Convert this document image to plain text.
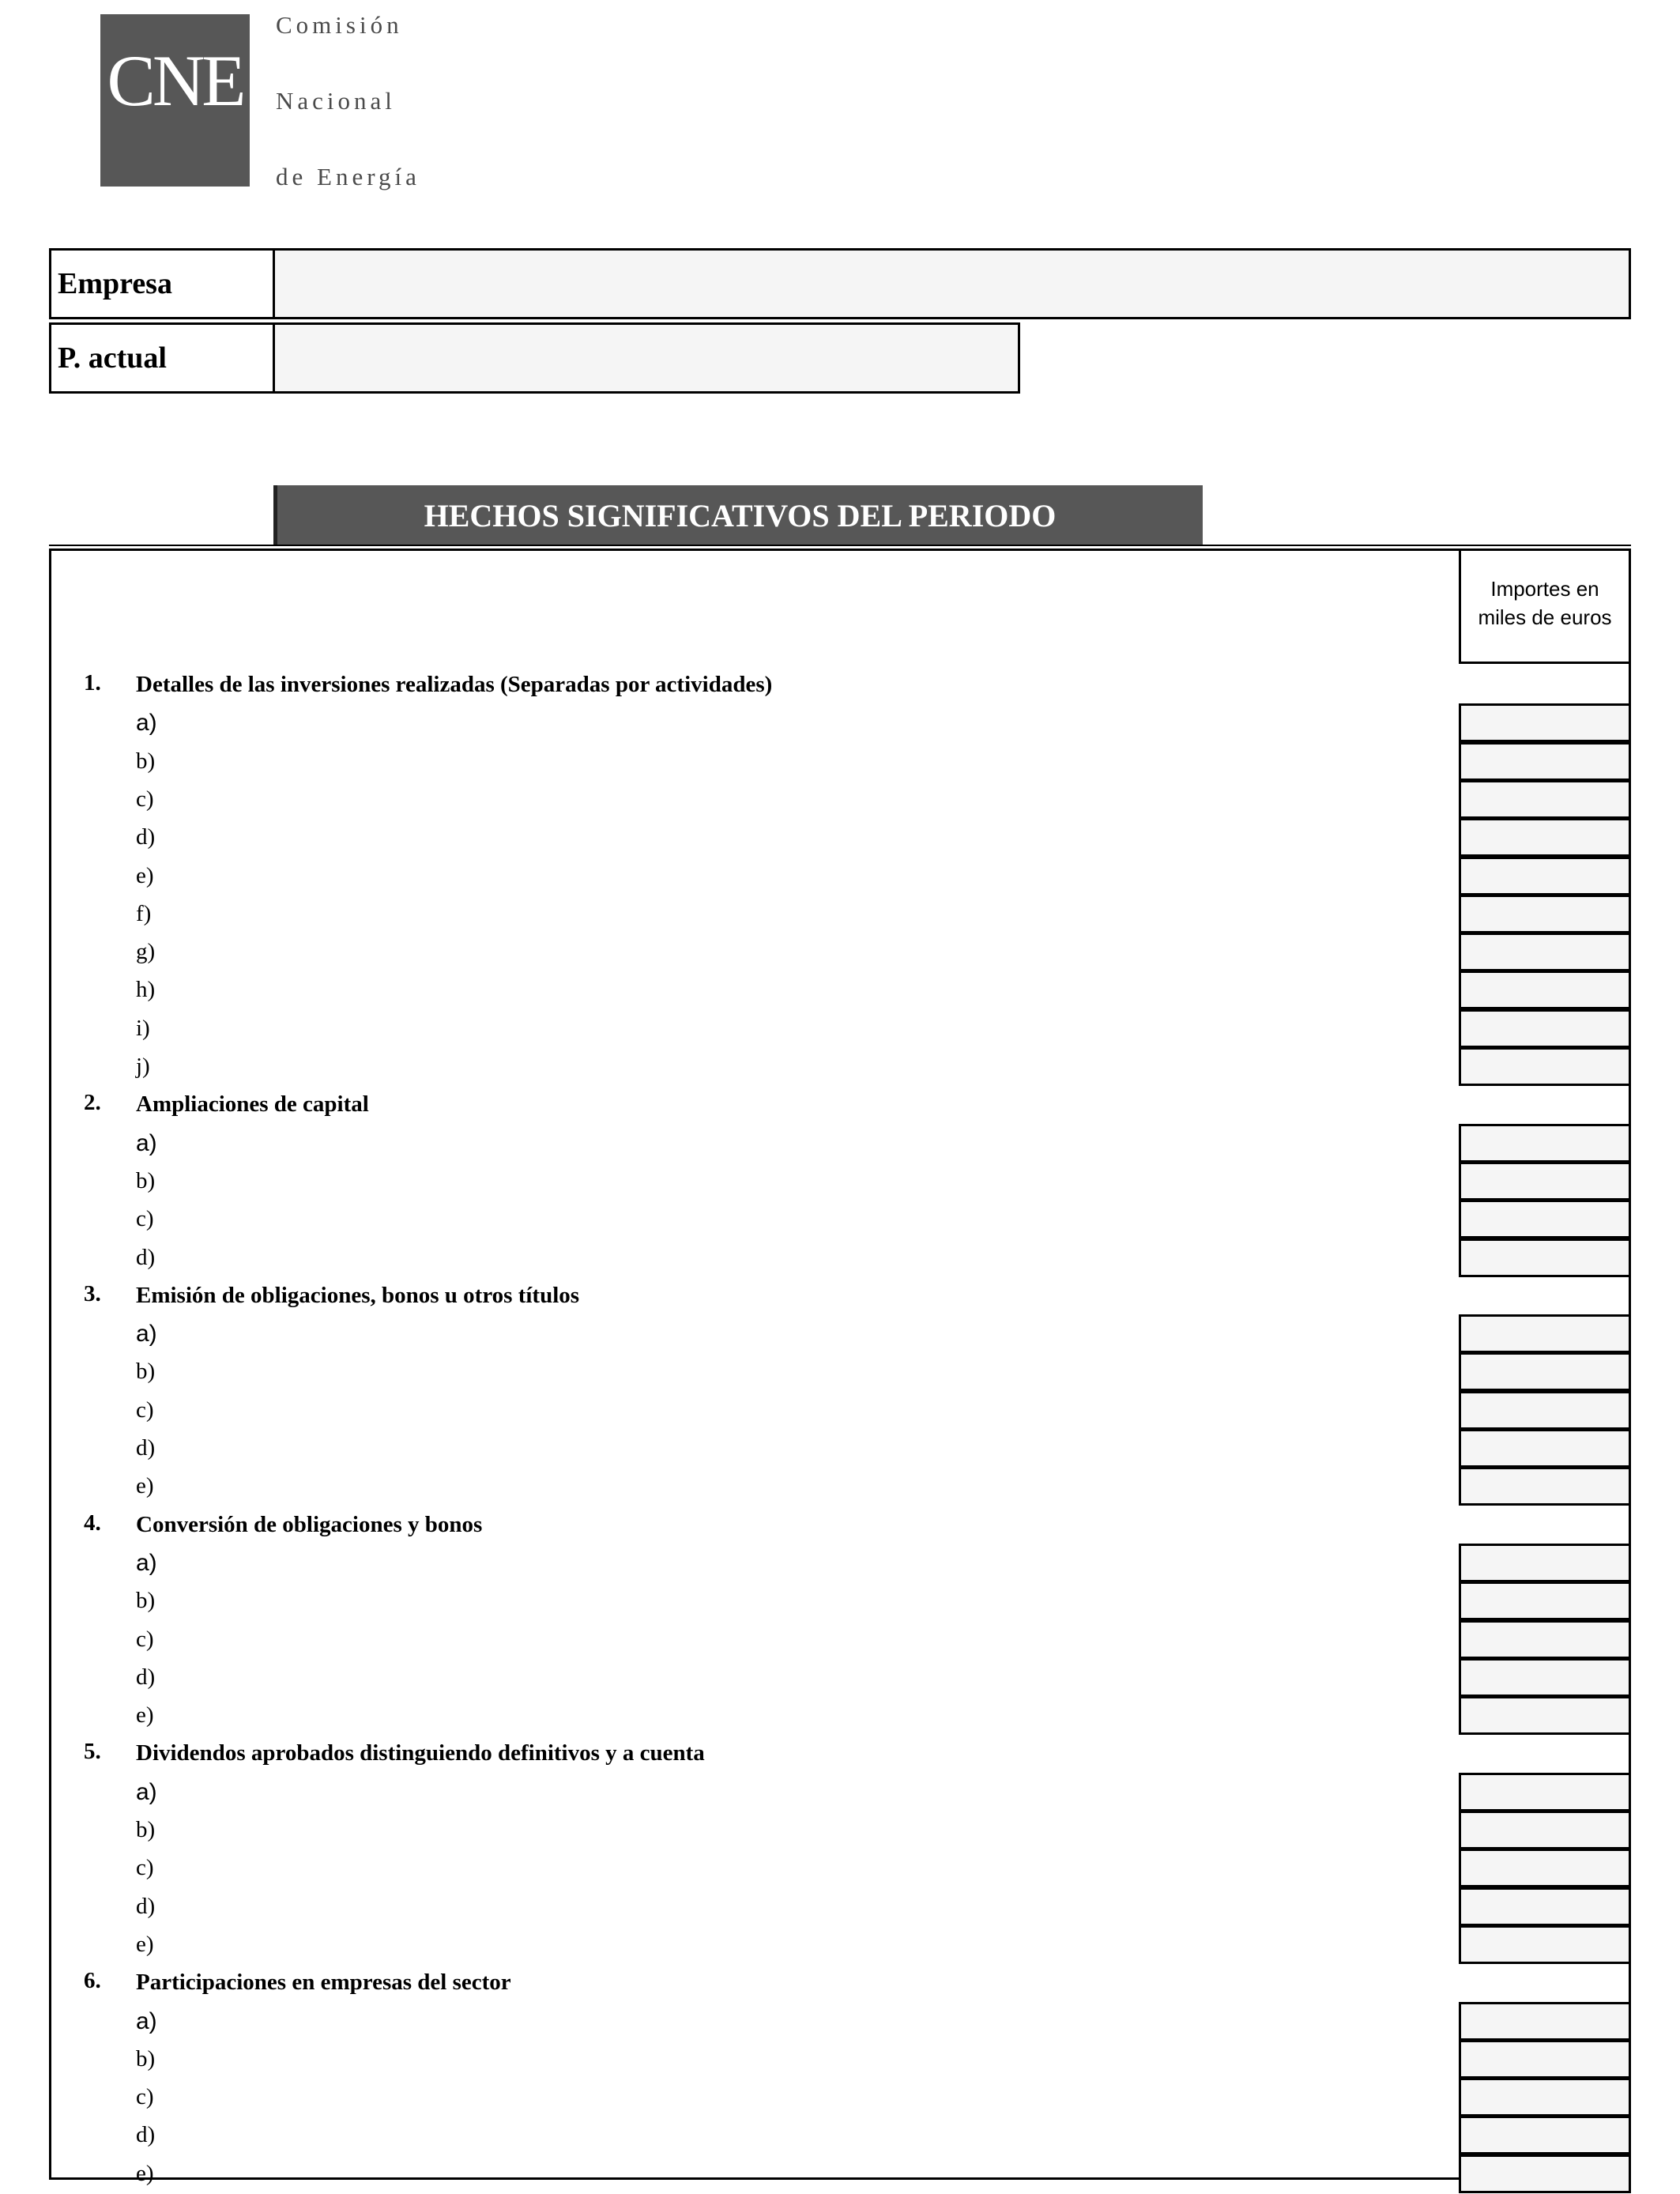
CNE
Comisión
Nacional
de Energía
Empresa
P. actual
HECHOS SIGNIFICATIVOS DEL PERIODO
Importes en
miles de euros
1. Detalles de las inversiones realizadas (Separadas por actividades)
a)
b)
c)
d)
e)
f)
g)
h)
i)
j)
2. Ampliaciones de capital
a)
b)
c)
d)
3. Emisión de obligaciones, bonos u otros títulos
a)
b)
c)
d)
e)
4. Conversión de obligaciones y bonos
a)
b)
c)
d)
e)
5. Dividendos aprobados distinguiendo definitivos y a cuenta
a)
b)
c)
d)
e)
6. Participaciones en empresas del sector
a)
b)
c)
d)
e)
